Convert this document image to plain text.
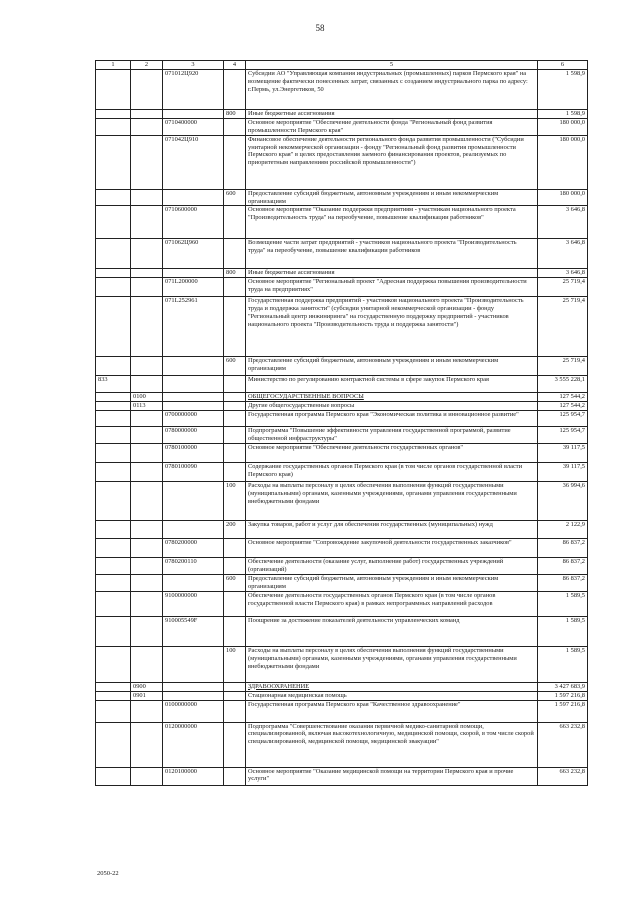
58
1	2	3	4	5	6
		071012Ц920		Субсидии АО "Управляющая компания индустриальных (промышленных) парков Пермского края" на возмещение фактически понесенных затрат, связанных с созданием индустриального парка по адресу: г.Пермь, ул.Энергетиков, 50	1 598,9
			800	Иные бюджетные ассигнования	1 598,9
		0710400000		Основное мероприятие "Обеспечение деятельности фонда "Региональный фонд развития промышленности Пермского края"	180 000,0
		071042Ц910		Финансовое обеспечение деятельности регионального фонда развития промышленности ("Субсидии унитарной некоммерческой организации - фонду "Региональный фонд развития промышленности Пермского края" в целях предоставления заемного финансирования проектов, реализуемых по приоритетным направлениям российской промышленности")	180 000,0
			600	Предоставление субсидий бюджетным, автономным учреждениям и иным некоммерческим организациям	180 000,0
		0710600000		Основное мероприятие "Оказание поддержки предприятиям - участникам национального проекта "Производительность труда" на переобучение, повышение квалификации работников"	3 646,8
		071062Ц960		Возмещение части затрат предприятий - участников национального проекта "Производительность труда" на переобучение, повышение квалификации работников	3 646,8
			800	Иные бюджетные ассигнования	3 646,8
		071L200000		Основное мероприятие "Региональный проект "Адресная поддержка повышения производительности труда на предприятиях"	25 719,4
		071L252961		Государственная поддержка предприятий - участников национального проекта "Производительность труда и поддержка занятости" (субсидии унитарной некоммерческой организации - фонду "Региональный центр инжиниринга" на государственную поддержку предприятий - участников национального проекта "Производительность труда и поддержка занятости")	25 719,4
			600	Предоставление субсидий бюджетным, автономным учреждениям и иным некоммерческим организациям	25 719,4
833				Министерство по регулированию контрактной системы в сфере закупок Пермского края	3 555 228,1
	0100			ОБЩЕГОСУДАРСТВЕННЫЕ ВОПРОСЫ	127 544,2
	0113			Другие общегосударственные вопросы	127 544,2
		0700000000		Государственная программа Пермского края "Экономическая политика и инновационное развитие"	125 954,7
		0780000000		Подпрограмма "Повышение эффективности управления государственной программой, развитие общественной инфраструктуры"	125 954,7
		0780100000		Основное мероприятие "Обеспечение деятельности государственных органов"	39 117,5
		0780100090		Содержание государственных органов Пермского края (в том числе органов государственной власти Пермского края)	39 117,5
			100	Расходы на выплаты персоналу в целях обеспечения выполнения функций государственными (муниципальными) органами, казенными учреждениями, органами управления государственными внебюджетными фондами	36 994,6
			200	Закупка товаров, работ и услуг для обеспечения государственных (муниципальных) нужд	2 122,9
		0780200000		Основное мероприятие "Сопровождение закупочной деятельности государственных заказчиков"	86 837,2
		0780200110		Обеспечение деятельности (оказание услуг, выполнение работ) государственных учреждений (организаций)	86 837,2
			600	Предоставление субсидий бюджетным, автономным учреждениям и иным некоммерческим организациям	86 837,2
		9100000000		Обеспечение деятельности государственных органов Пермского края (в том числе органов государственной власти Пермского края) в рамках непрограммных направлений расходов	1 589,5
		910005549F		Поощрение за достижение показателей деятельности управленческих команд	1 589,5
			100	Расходы на выплаты персоналу в целях обеспечения выполнения функций государственными (муниципальными) органами, казенными учреждениями, органами управления государственными внебюджетными фондами	1 589,5
	0900			ЗДРАВООХРАНЕНИЕ	3 427 683,9
	0901			Стационарная медицинская помощь	1 597 216,8
		0100000000		Государственная программа Пермского края "Качественное здравоохранение"	1 597 216,8
		0120000000		Подпрограмма "Совершенствование оказания первичной медико-санитарной помощи, специализированной, включая высокотехнологичную, медицинской помощи, скорой, в том числе скорой специализированной, медицинской помощи, медицинской эвакуации"	663 232,8
		0120100000		Основное мероприятие "Оказание медицинской помощи на территории Пермского края и прочие услуги"	663 232,8
2050-22
